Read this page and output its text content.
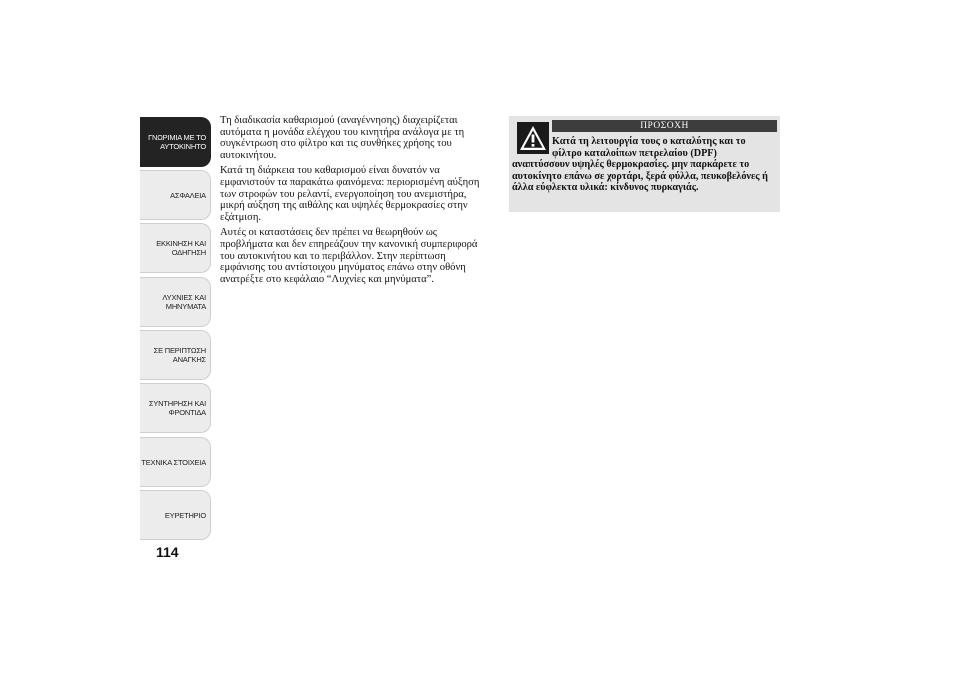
ΓΝΩΡΙΜΙΑ ΜΕ ΤΟ
ΑΥΤΟΚΙΝΗΤΟ
ΑΣΦΑΛΕΙΑ
ΕΚΚΙΝΗΣΗ ΚΑΙ
ΟΔΗΓΗΣΗ
ΛΥΧΝΙΕΣ ΚΑΙ
ΜΗΝΥΜΑΤΑ
ΣΕ ΠΕΡΙΠΤΩΣΗ
ΑΝΑΓΚΗΣ
ΣΥΝΤΗΡΗΣΗ ΚΑΙ
ΦΡΟΝΤΙΔΑ
ΤΕΧΝΙΚΑ ΣΤΟΙΧΕΙΑ
ΕΥΡΕΤΗΡΙΟ
114

Τη διαδικασία καθαρισμού (αναγέννησης) διαχειρίζεται αυτόματα η μονάδα ελέγχου του κινητήρα ανάλογα με τη συγκέντρωση στο φίλτρο και τις συνθήκες χρήσης του αυτοκινήτου.

Κατά τη διάρκεια του καθαρισμού είναι δυνατόν να εμφανιστούν τα παρακάτω φαινόμενα: περιορισμένη αύξηση των στροφών του ρελαντί, ενεργοποίηση του ανεμιστήρα, μικρή αύξηση της αιθάλης και υψηλές θερμοκρασίες στην εξάτμιση.

Αυτές οι καταστάσεις δεν πρέπει να θεωρηθούν ως προβλήματα και δεν επηρεάζουν την κανονική συμπεριφορά του αυτοκινήτου και το περιβάλλον. Στην περίπτωση εμφάνισης του αντίστοιχου μηνύματος επάνω στην οθόνη ανατρέξτε στο κεφάλαιο “Λυχνίες και μηνύματα”.

ΠΡΟΣΟΧΗ
Κατά τη λειτουργία τους ο καταλύτης και το φίλτρο καταλοίπων πετρελαίου (DPF)
αναπτύσσουν υψηλές θερμοκρασίες. μην παρκάρετε το αυτοκίνητο επάνω σε χορτάρι, ξερά φύλλα, πευκοβελόνες ή άλλα εύφλεκτα υλικά: κίνδυνος πυρκαγιάς.
